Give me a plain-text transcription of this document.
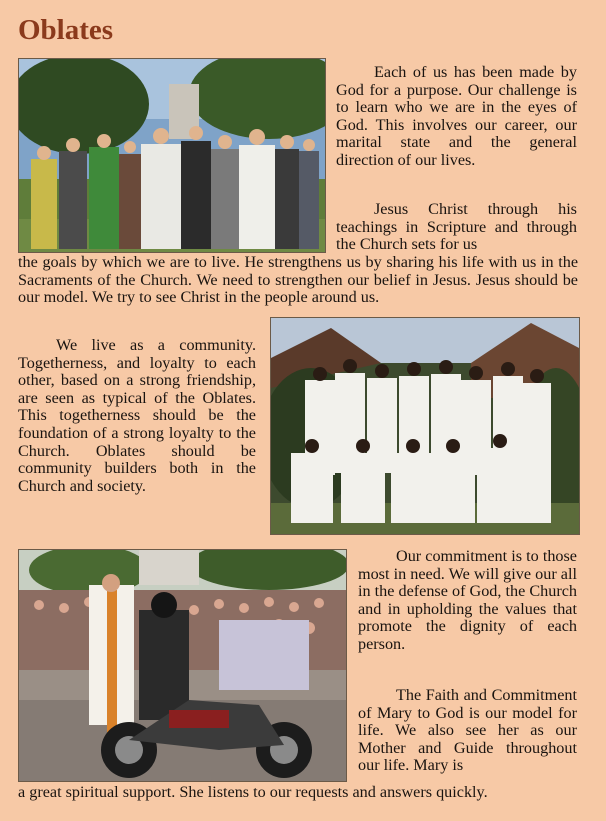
Oblates

Each of us has been made by God for a purpose. Our challenge is to learn who we are in the eyes of God. This involves our career, our marital state and the general direction of our lives.

Jesus Christ through his teachings in Scripture and through the Church sets for us

the goals by which we are to live. He strengthens us by sharing his life with us in the Sacraments of the Church. We need to strengthen our belief in Jesus. Jesus should be our model. We try to see Christ in the people around us.

We live as a community. Togetherness, and loyalty to each other, based on a strong friendship, are seen as typical of the Oblates. This togetherness should be the foundation of a strong loyalty to the Church. Oblates should be community builders both in the Church and society.

Our commitment is to those most in need. We will give our all in the defense of God, the Church and in upholding the values that promote the dignity of each person.

The Faith and Commitment of Mary to God is our model for life. We also see her as our Mother and Guide throughout our life. Mary is

a great spiritual support. She listens to our requests and answers quickly.
